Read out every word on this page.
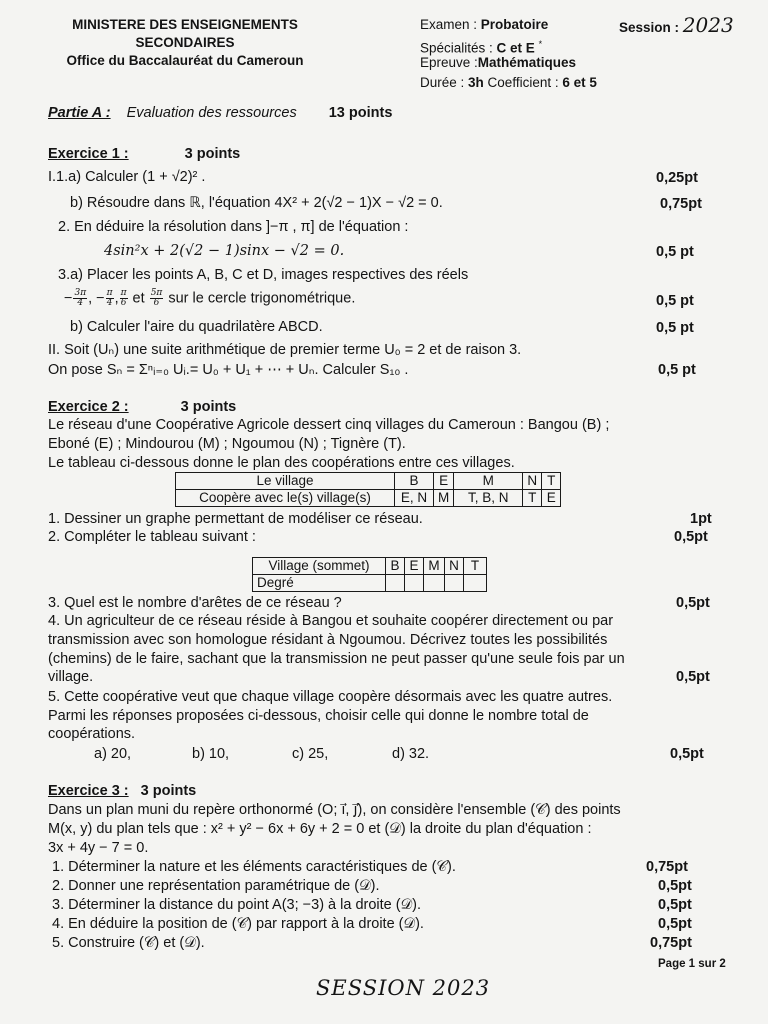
MINISTERE DES ENSEIGNEMENTS
SECONDAIRES
Office du Baccalauréat du Cameroun
Examen : Probatoire	Session : 2023
Spécialités : C et E *
Epreuve :Mathématiques
Durée : 3h Coefficient : 6 et 5
Partie A : Evaluation des ressources 13 points
Exercice 1 :	3 points
I.1.a) Calculer (1 + √2)² .	0,25pt
b) Résoudre dans ℝ, l'équation 4X² + 2(√2 − 1)X − √2 = 0.	0,75pt
2. En déduire la résolution dans ]−π , π] de l'équation :
4sin²x + 2(√2 − 1)sinx − √2 = 0.	0,5 pt
3.a) Placer les points A, B, C et D, images respectives des réels
− $\frac{3\pi}{4}$ , − $\frac{\pi}{4}$ , $\frac{\pi}{6}$ et $\frac{5\pi}{6}$ sur le cercle trigonométrique.	0,5 pt
b) Calculer l'aire du quadrilatère ABCD.	0,5 pt
II. Soit (Uₙ) une suite arithmétique de premier terme U₀ = 2 et de raison 3.
On pose Sₙ = Σⁿᵢ₌₀ Uᵢ.= U₀ + U₁ + ⋯ + Uₙ. Calculer S₁₀ .	0,5 pt
Exercice 2 :	3 points
Le réseau d'une Coopérative Agricole dessert cinq villages du Cameroun : Bangou (B) ;
Eboné (E) ; Mindourou (M) ; Ngoumou (N) ; Tignère (T).
Le tableau ci-dessous donne le plan des coopérations entre ces villages.
Le village	B	E	M	N	T
Coopère avec le(s) village(s)	E, N	M	T, B, N	T	E
1. Dessiner un graphe permettant de modéliser ce réseau.	1pt
2. Compléter le tableau suivant :	0,5pt
Village (sommet)	B	E	M	N	T
Degré					
3. Quel est le nombre d'arêtes de ce réseau ?	0,5pt
4. Un agriculteur de ce réseau réside à Bangou et souhaite coopérer directement ou par
transmission avec son homologue résidant à Ngoumou. Décrivez toutes les possibilités
(chemins) de le faire, sachant que la transmission ne peut passer qu'une seule fois par un
village.	0,5pt
5. Cette coopérative veut que chaque village coopère désormais avec les quatre autres.
Parmi les réponses proposées ci-dessous, choisir celle qui donne le nombre total de
coopérations.
a) 20,	b) 10,	c) 25,	d) 32.	0,5pt
Exercice 3 : 3 points
Dans un plan muni du repère orthonormé (O; ı⃗, ȷ⃗), on considère l'ensemble (𝒞) des points
M(x, y) du plan tels que : x² + y² − 6x + 6y + 2 = 0 et (𝒟) la droite du plan d'équation :
3x + 4y − 7 = 0.
1. Déterminer la nature et les éléments caractéristiques de (𝒞).	0,75pt
2. Donner une représentation paramétrique de (𝒟).	0,5pt
3. Déterminer la distance du point A(3; −3) à la droite (𝒟).	0,5pt
4. En déduire la position de (𝒞) par rapport à la droite (𝒟).	0,5pt
5. Construire (𝒞) et (𝒟).	0,75pt
Page 1 sur 2
SESSION 2023
